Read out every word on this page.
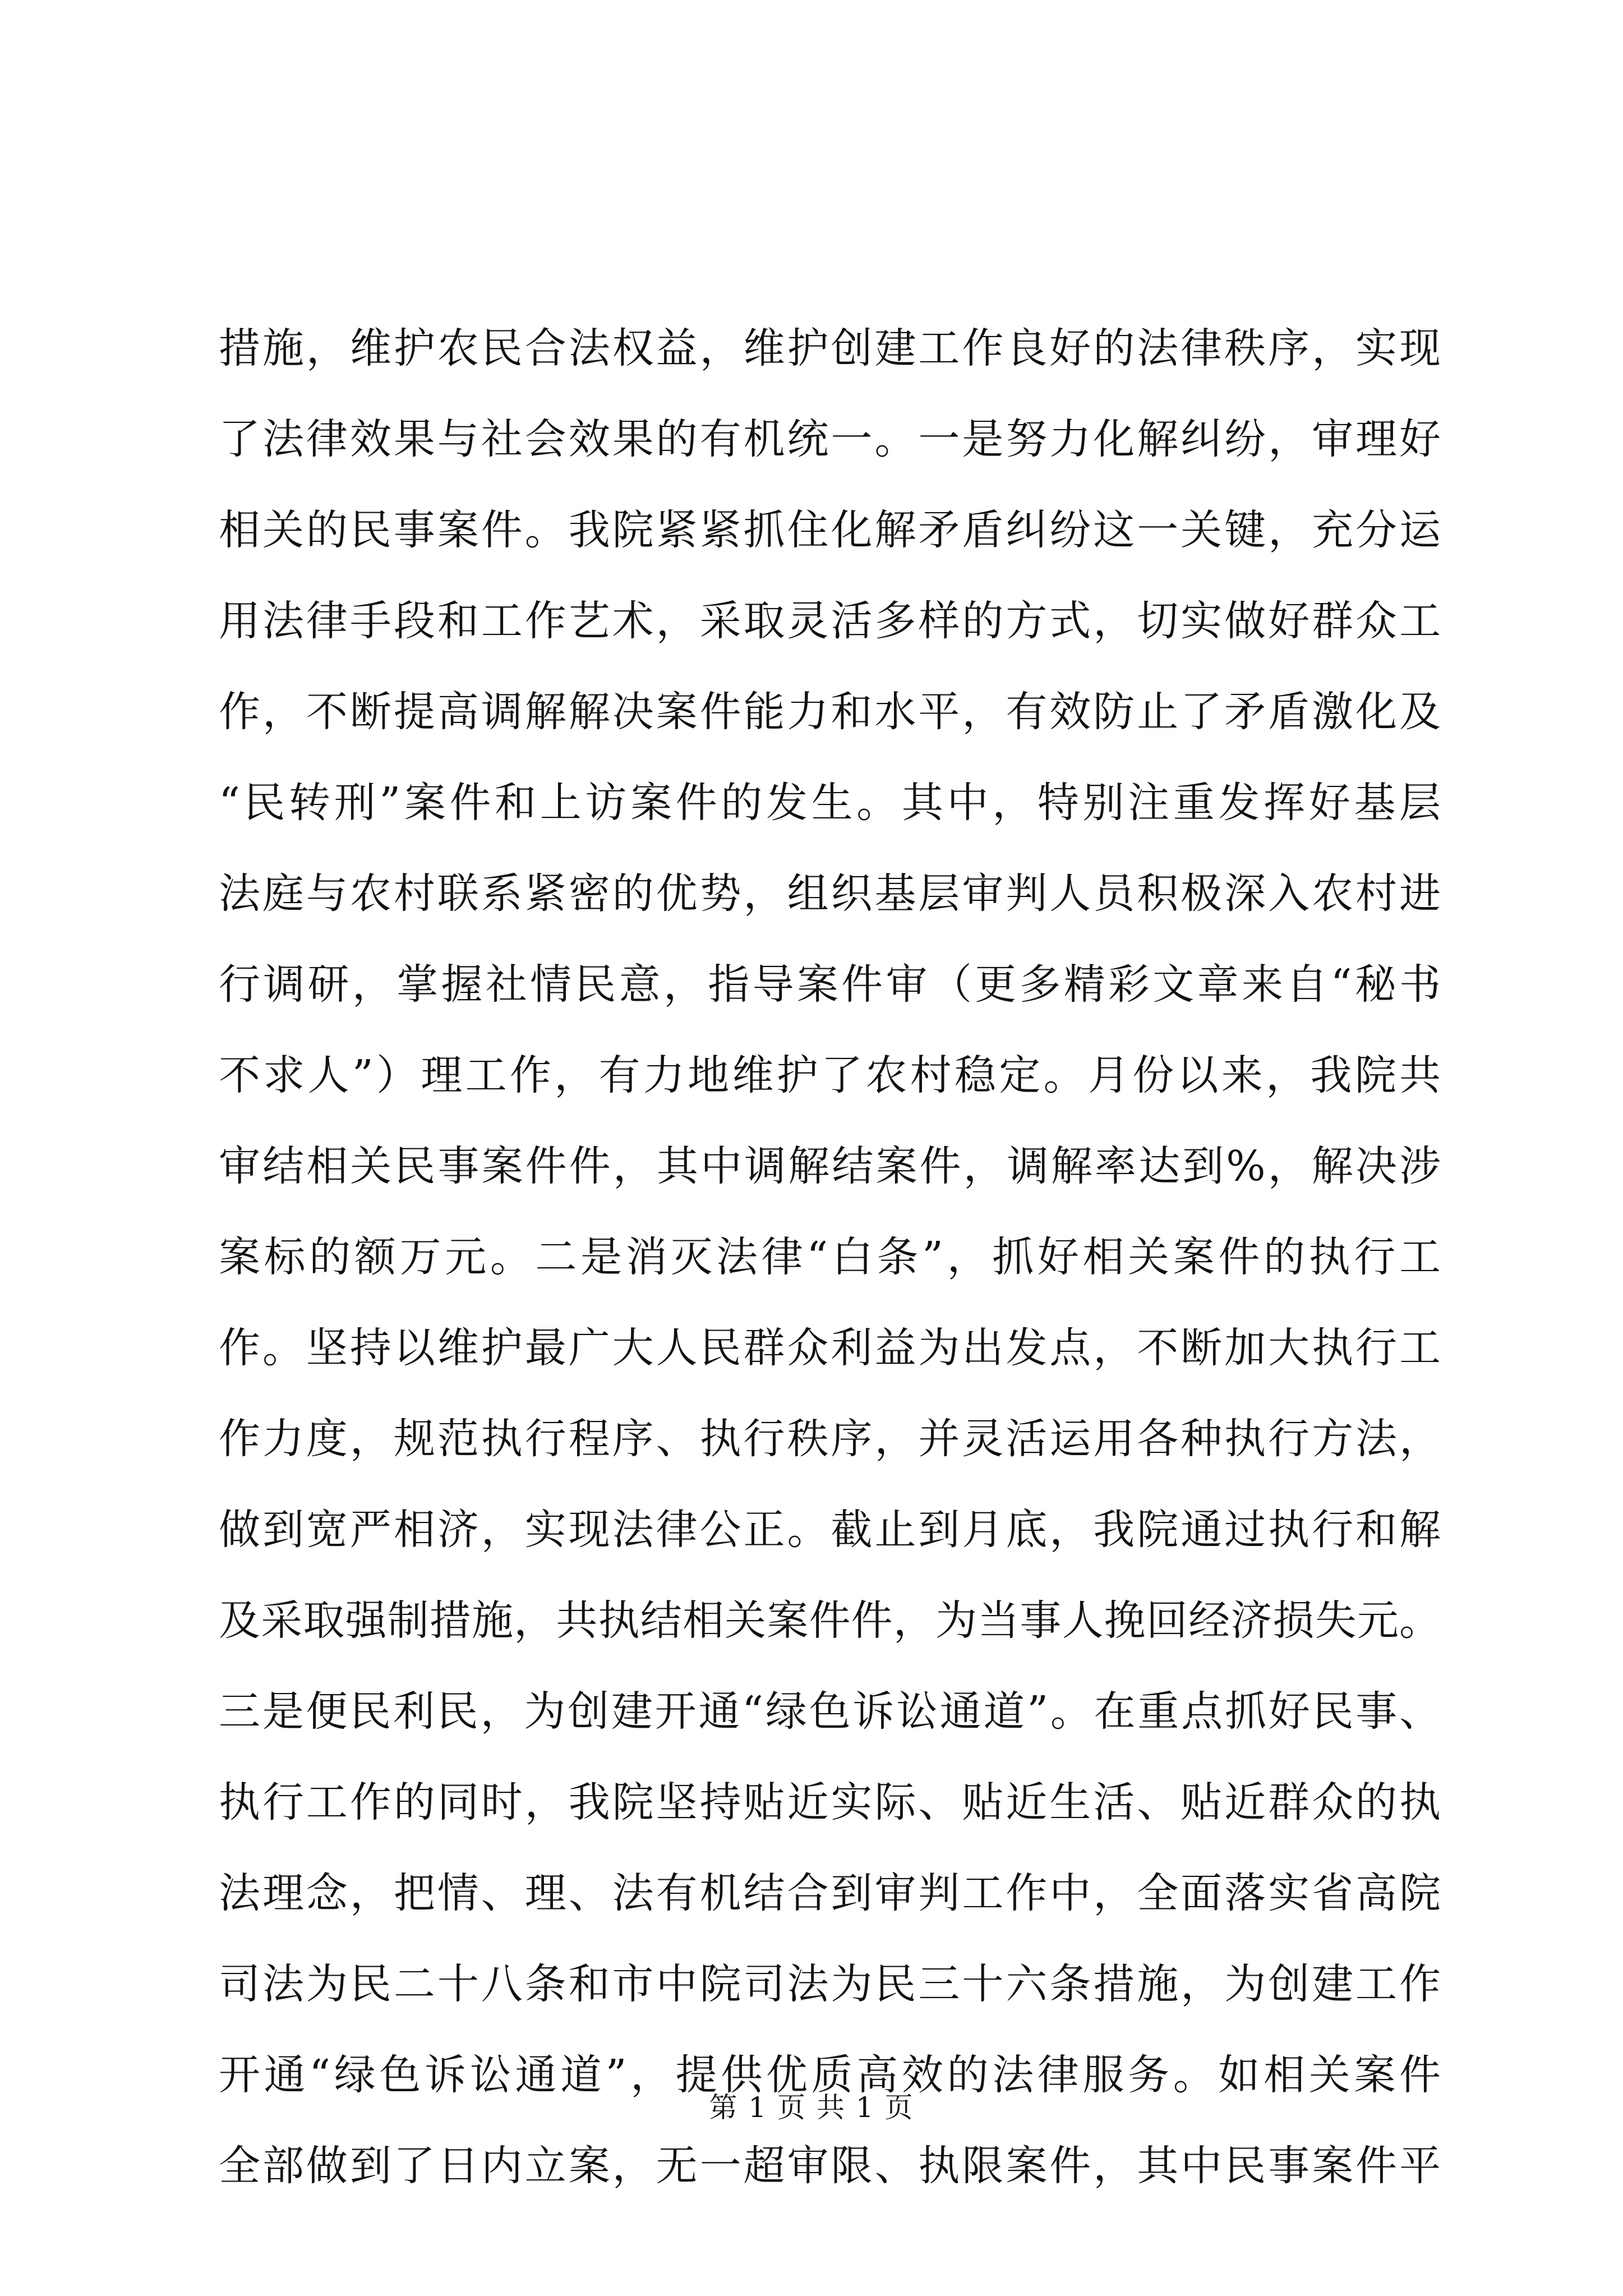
措施，维护农民合法权益，维护创建工作良好的法律秩序，实现
了法律效果与社会效果的有机统一。一是努力化解纠纷，审理好
相关的民事案件。我院紧紧抓住化解矛盾纠纷这一关键，充分运
用法律手段和工作艺术，采取灵活多样的方式，切实做好群众工
作，不断提高调解解决案件能力和水平，有效防止了矛盾激化及
“民转刑”案件和上访案件的发生。其中，特别注重发挥好基层
法庭与农村联系紧密的优势，组织基层审判人员积极深入农村进
行调研，掌握社情民意，指导案件审（更多精彩文章来自“秘书
不求人”）理工作，有力地维护了农村稳定。月份以来，我院共
审结相关民事案件件，其中调解结案件，调解率达到%，解决涉
案标的额万元。二是消灭法律“白条”，抓好相关案件的执行工
作。坚持以维护最广大人民群众利益为出发点，不断加大执行工
作力度，规范执行程序、执行秩序，并灵活运用各种执行方法，
做到宽严相济，实现法律公正。截止到月底，我院通过执行和解
及采取强制措施，共执结相关案件件，为当事人挽回经济损失元。
三是便民利民，为创建开通“绿色诉讼通道”。在重点抓好民事、
执行工作的同时，我院坚持贴近实际、贴近生活、贴近群众的执
法理念，把情、理、法有机结合到审判工作中，全面落实省高院
司法为民二十八条和市中院司法为民三十六条措施，为创建工作
开通“绿色诉讼通道”，提供优质高效的法律服务。如相关案件
全部做到了日内立案，无一超审限、执限案件，其中民事案件平
第 1 页 共 1 页
